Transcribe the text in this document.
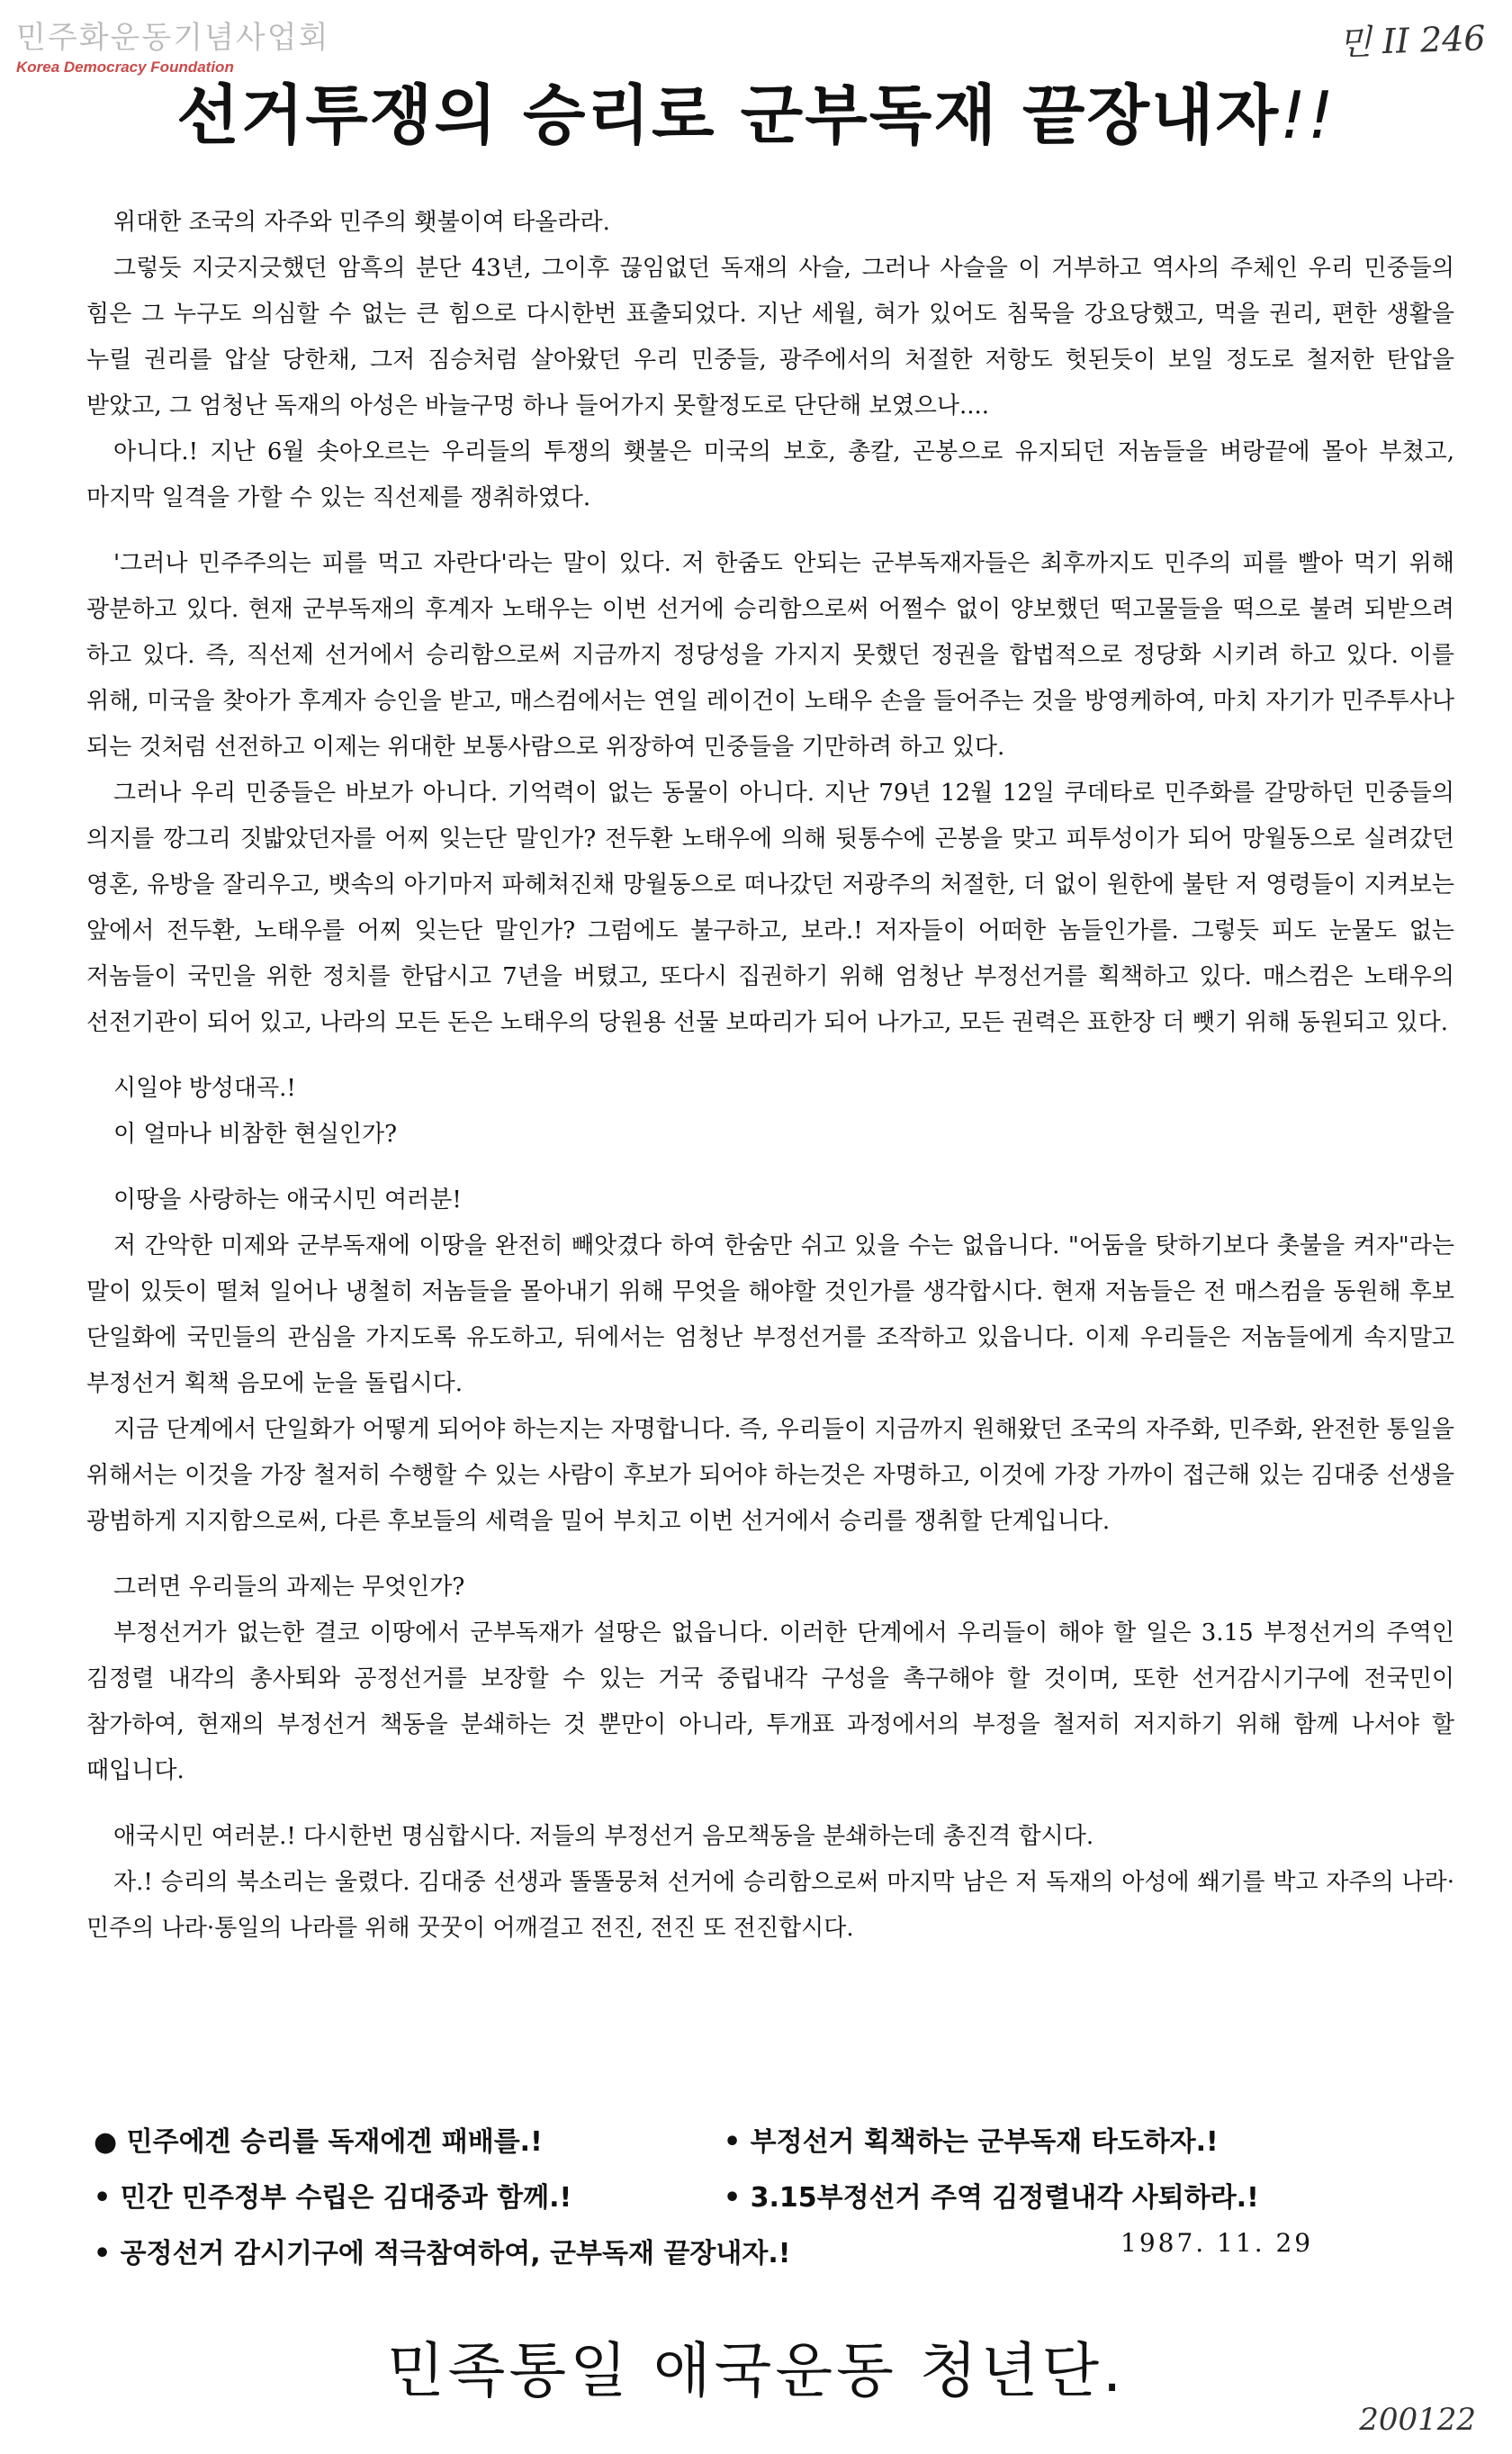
민주화운동기념사업회
Korea Democracy Foundation
민 II 246
선거투쟁의 승리로 군부독재 끝장내자!!

위대한 조국의 자주와 민주의 횃불이여 타올라라.

그렇듯 지긋지긋했던 암흑의 분단 43년, 그이후 끊임없던 독재의 사슬, 그러나 사슬을 이 거부하고 역사의 주체인 우리 민중들의 힘은 그 누구도 의심할 수 없는 큰 힘으로 다시한번 표출되었다. 지난 세월, 혀가 있어도 침묵을 강요당했고, 먹을 권리, 편한 생활을 누릴 권리를 압살 당한채, 그저 짐승처럼 살아왔던 우리 민중들, 광주에서의 처절한 저항도 헛된듯이 보일 정도로 철저한 탄압을 받았고, 그 엄청난 독재의 아성은 바늘구멍 하나 들어가지 못할정도로 단단해 보였으나....

아니다.! 지난 6월 솟아오르는 우리들의 투쟁의 횃불은 미국의 보호, 총칼, 곤봉으로 유지되던 저놈들을 벼랑끝에 몰아 부쳤고, 마지막 일격을 가할 수 있는 직선제를 쟁취하였다.

'그러나 민주주의는 피를 먹고 자란다'라는 말이 있다. 저 한줌도 안되는 군부독재자들은 최후까지도 민주의 피를 빨아 먹기 위해 광분하고 있다. 현재 군부독재의 후계자 노태우는 이번 선거에 승리함으로써 어쩔수 없이 양보했던 떡고물들을 떡으로 불려 되받으려 하고 있다. 즉, 직선제 선거에서 승리함으로써 지금까지 정당성을 가지지 못했던 정권을 합법적으로 정당화 시키려 하고 있다. 이를 위해, 미국을 찾아가 후계자 승인을 받고, 매스컴에서는 연일 레이건이 노태우 손을 들어주는 것을 방영케하여, 마치 자기가 민주투사나 되는 것처럼 선전하고 이제는 위대한 보통사람으로 위장하여 민중들을 기만하려 하고 있다.

그러나 우리 민중들은 바보가 아니다. 기억력이 없는 동물이 아니다. 지난 79년 12월 12일 쿠데타로 민주화를 갈망하던 민중들의 의지를 깡그리 짓밟았던자를 어찌 잊는단 말인가? 전두환 노태우에 의해 뒷통수에 곤봉을 맞고 피투성이가 되어 망월동으로 실려갔던 영혼, 유방을 잘리우고, 뱃속의 아기마저 파헤쳐진채 망월동으로 떠나갔던 저광주의 처절한, 더 없이 원한에 불탄 저 영령들이 지켜보는 앞에서 전두환, 노태우를 어찌 잊는단 말인가? 그럼에도 불구하고, 보라.! 저자들이 어떠한 놈들인가를. 그렇듯 피도 눈물도 없는 저놈들이 국민을 위한 정치를 한답시고 7년을 버텼고, 또다시 집권하기 위해 엄청난 부정선거를 획책하고 있다. 매스컴은 노태우의 선전기관이 되어 있고, 나라의 모든 돈은 노태우의 당원용 선물 보따리가 되어 나가고, 모든 권력은 표한장 더 뺏기 위해 동원되고 있다.

시일야 방성대곡.!

이 얼마나 비참한 현실인가?

이땅을 사랑하는 애국시민 여러분!

저 간악한 미제와 군부독재에 이땅을 완전히 빼앗겼다 하여 한숨만 쉬고 있을 수는 없읍니다. "어둠을 탓하기보다 촛불을 켜자"라는 말이 있듯이 떨쳐 일어나 냉철히 저놈들을 몰아내기 위해 무엇을 해야할 것인가를 생각합시다. 현재 저놈들은 전 매스컴을 동원해 후보 단일화에 국민들의 관심을 가지도록 유도하고, 뒤에서는 엄청난 부정선거를 조작하고 있읍니다. 이제 우리들은 저놈들에게 속지말고 부정선거 획책 음모에 눈을 돌립시다.

지금 단계에서 단일화가 어떻게 되어야 하는지는 자명합니다. 즉, 우리들이 지금까지 원해왔던 조국의 자주화, 민주화, 완전한 통일을 위해서는 이것을 가장 철저히 수행할 수 있는 사람이 후보가 되어야 하는것은 자명하고, 이것에 가장 가까이 접근해 있는 김대중 선생을 광범하게 지지함으로써, 다른 후보들의 세력을 밀어 부치고 이번 선거에서 승리를 쟁취할 단계입니다.

그러면 우리들의 과제는 무엇인가?

부정선거가 없는한 결코 이땅에서 군부독재가 설땅은 없읍니다. 이러한 단계에서 우리들이 해야 할 일은 3.15 부정선거의 주역인 김정렬 내각의 총사퇴와 공정선거를 보장할 수 있는 거국 중립내각 구성을 촉구해야 할 것이며, 또한 선거감시기구에 전국민이 참가하여, 현재의 부정선거 책동을 분쇄하는 것 뿐만이 아니라, 투개표 과정에서의 부정을 철저히 저지하기 위해 함께 나서야 할 때입니다.

애국시민 여러분.! 다시한번 명심합시다. 저들의 부정선거 음모책동을 분쇄하는데 총진격 합시다.

자.! 승리의 북소리는 울렸다. 김대중 선생과 똘똘뭉쳐 선거에 승리함으로써 마지막 남은 저 독재의 아성에 쐐기를 박고 자주의 나라·민주의 나라·통일의 나라를 위해 꿋꿋이 어깨걸고 전진, 전진 또 전진합시다.

● 민주에겐 승리를 독재에겐 패배를.!	• 부정선거 획책하는 군부독재 타도하자.!
• 민간 민주정부 수립은 김대중과 함께.!	• 3.15부정선거 주역 김정렬내각 사퇴하라.!
• 공정선거 감시기구에 적극참여하여, 군부독재 끝장내자.!	1987. 11. 29
민족통일 애국운동 청년단.
200122
